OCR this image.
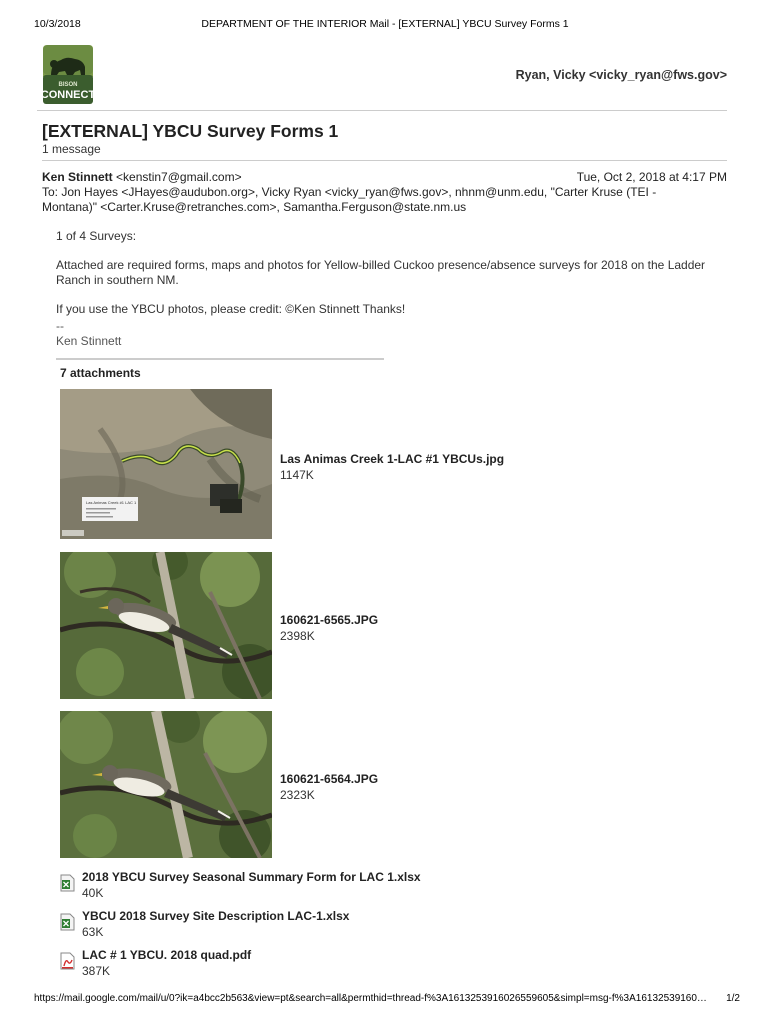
10/3/2018	DEPARTMENT OF THE INTERIOR Mail - [EXTERNAL] YBCU Survey Forms 1
BISON
CONNECT
Ryan, Vicky <vicky_ryan@fws.gov>
[EXTERNAL] YBCU Survey Forms 1
1 message
Ken Stinnett <kenstin7@gmail.com>	Tue, Oct 2, 2018 at 4:17 PM
To: Jon Hayes <JHayes@audubon.org>, Vicky Ryan <vicky_ryan@fws.gov>, nhnm@unm.edu, "Carter Kruse (TEI - Montana)" <Carter.Kruse@retranches.com>, Samantha.Ferguson@state.nm.us

1 of 4 Surveys:

Attached are required forms, maps and photos for Yellow-billed Cuckoo presence/absence surveys for 2018 on the Ladder Ranch in southern NM.

If you use the YBCU photos, please credit: ©Ken Stinnett Thanks!

--
Ken Stinnett
7 attachments
Las Animas Creek #1 LAC 1
Las Animas Creek 1-LAC #1 YBCUs.jpg
1147K
160621-6565.JPG
2398K
160621-6564.JPG
2323K
2018 YBCU Survey Seasonal Summary Form for LAC 1.xlsx
40K
YBCU 2018 Survey Site Description LAC-1.xlsx
63K
LAC # 1 YBCU. 2018 quad.pdf
387K
https://mail.google.com/mail/u/0?ik=a4bcc2b563&view=pt&search=all&permthid=thread-f%3A1613253916026559605&simpl=msg-f%3A16132539160…	1/2
